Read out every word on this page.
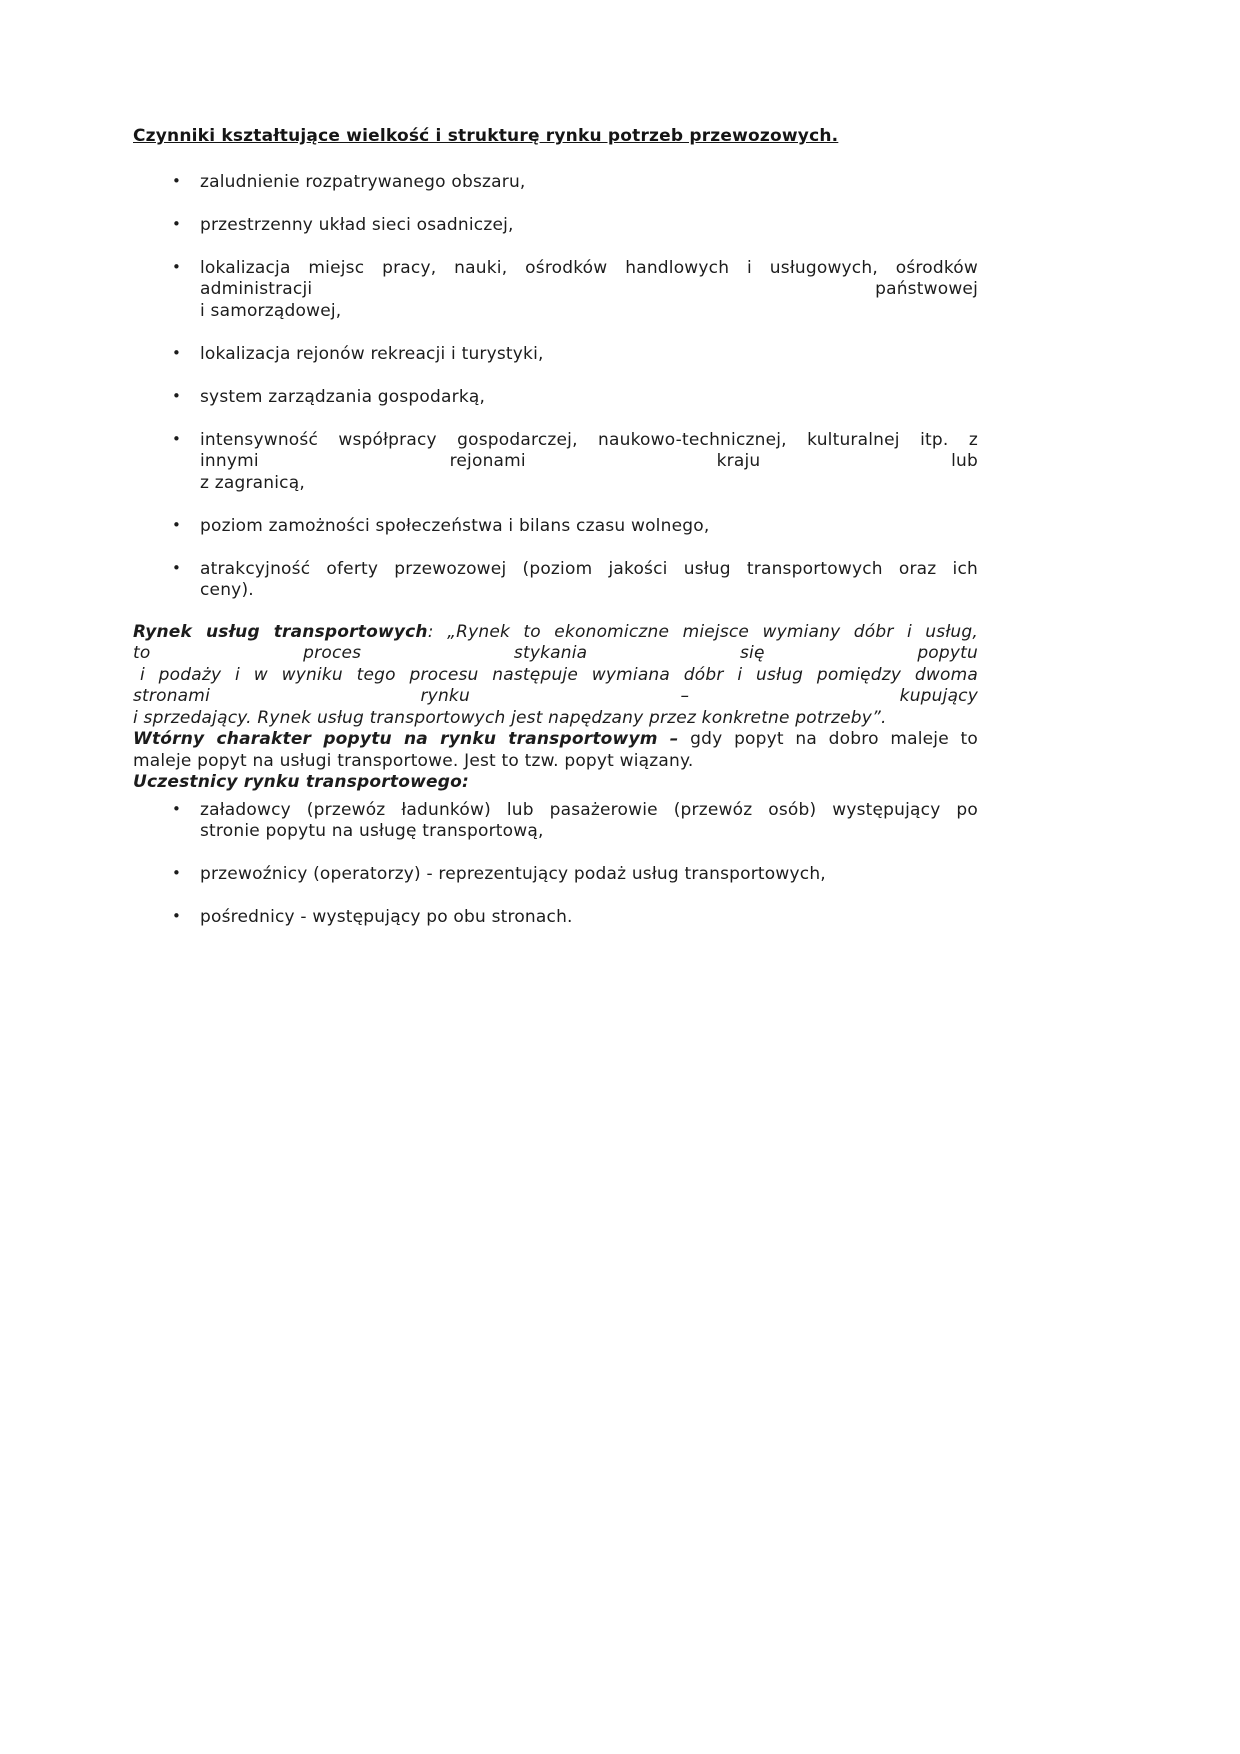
Czynniki kształtujące wielkość i strukturę rynku potrzeb przewozowych.
• zaludnienie rozpatrywanego obszaru,
• przestrzenny układ sieci osadniczej,
• lokalizacja miejsc pracy, nauki, ośrodków handlowych i usługowych, ośrodków
administracji państwowej
i samorządowej,
• lokalizacja rejonów rekreacji i turystyki,
• system zarządzania gospodarką,
• intensywność współpracy gospodarczej, naukowo-technicznej, kulturalnej itp. z
innymi rejonami kraju lub
z zagranicą,
• poziom zamożności społeczeństwa i bilans czasu wolnego,
• atrakcyjność oferty przewozowej (poziom jakości usług transportowych oraz ich
ceny).
Rynek usług transportowych: „Rynek to ekonomiczne miejsce wymiany dóbr i usług,
to proces stykania się popytu
i podaży i w wyniku tego procesu następuje wymiana dóbr i usług pomiędzy dwoma
stronami rynku – kupujący
i sprzedający. Rynek usług transportowych jest napędzany przez konkretne potrzeby”.
Wtórny charakter popytu na rynku transportowym – gdy popyt na dobro maleje to
maleje popyt na usługi transportowe. Jest to tzw. popyt wiązany.
Uczestnicy rynku transportowego:
• załadowcy (przewóz ładunków) lub pasażerowie (przewóz osób) występujący po
stronie popytu na usługę transportową,
• przewoźnicy (operatorzy) - reprezentujący podaż usług transportowych,
• pośrednicy - występujący po obu stronach.
